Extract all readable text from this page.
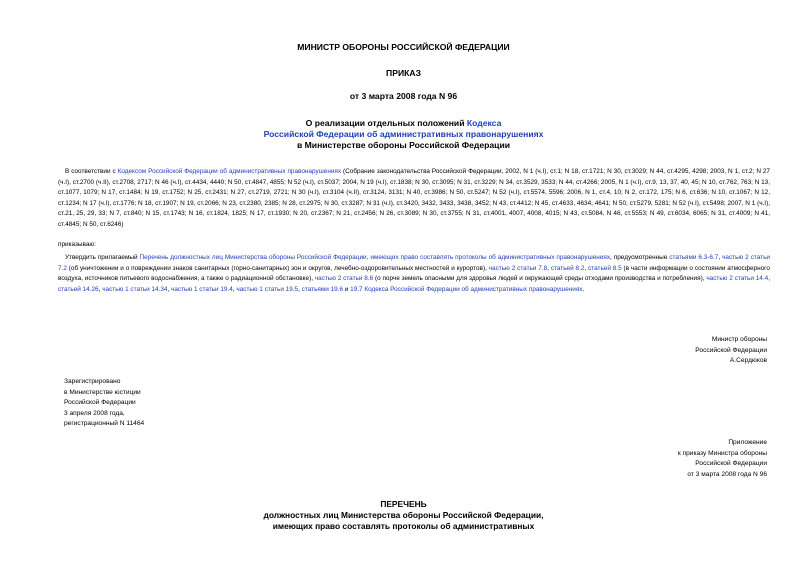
МИНИСТР ОБОРОНЫ РОССИЙСКОЙ ФЕДЕРАЦИИ
ПРИКАЗ
от 3 марта 2008 года N 96
О реализации отдельных положений Кодекса
Российской Федерации об административных правонарушениях
в Министерстве обороны Российской Федерации

В соответствии с Кодексом Российской Федерации об административных правонарушениях (Собрание законодательства Российской Федерации, 2002, N 1 (ч.I), ст.1; N 18, ст.1721; N 30, ст.3029; N 44, ст.4295, 4298; 2003, N 1, ст.2; N 27 (ч.I), ст.2700 (ч.II), ст.2708, 2717; N 46 (ч.I), ст.4434, 4440; N 50, ст.4847, 4855; N 52 (ч.I), ст.5037; 2004, N 19 (ч.I), ст.1838; N 30, ст.3095; N 31, ст.3229; N 34, ст.3529, 3533; N 44, ст.4266; 2005, N 1 (ч.I), ст.9, 13, 37, 40, 45; N 10, ст.762, 763; N 13, ст.1077, 1079; N 17, ст.1484; N 19, ст.1752; N 25, ст.2431; N 27, ст.2719, 2721; N 30 (ч.I), ст.3104 (ч.II), ст.3124, 3131; N 40, ст.3986; N 50, ст.5247; N 52 (ч.I), ст.5574, 5596; 2006, N 1, ст.4, 10; N 2, ст.172, 175; N 6, ст.636; N 10, ст.1067; N 12, ст.1234; N 17 (ч.I), ст.1776; N 18, ст.1907; N 19, ст.2066; N 23, ст.2380, 2385; N 28, ст.2975; N 30, ст.3287; N 31 (ч.I), ст.3420, 3432, 3433, 3438, 3452; N 43, ст.4412; N 45, ст.4633, 4634, 4641; N 50, ст.5279, 5281; N 52 (ч.I), ст.5498; 2007, N 1 (ч.I), ст.21, 25, 29, 33; N 7, ст.840; N 15, ст.1743; N 16, ст.1824, 1825; N 17, ст.1930; N 20, ст.2367; N 21, ст.2456; N 26, ст.3089; N 30, ст.3755; N 31, ст.4001, 4007, 4008, 4015; N 43, ст.5084, N 46, ст.5553; N 49, ст.6034, 6065; N 31, ст.4009; N 41, ст.4845; N 50, ст.6246)

приказываю:

Утвердить прилагаемый Перечень должностных лиц Министерства обороны Российской Федерации, имеющих право составлять протоколы об административных правонарушениях, предусмотренные статьями 6.3-6.7, частью 2 статьи 7.2 (об уничтожении и о повреждении знаков санитарных (горно-санитарных) зон и округов, лечебно-оздоровительных местностей и курортов), частью 2 статьи 7.8, статьей 8.2, статьей 8.5 (в части информации о состоянии атмосферного воздуха, источников питьевого водоснабжения, а также о радиационной обстановке), частью 2 статьи 8.6 (о порче земель опасными для здоровья людей и окружающей среды отходами производства и потребления), частью 2 статьи 14.4, статьей 14.26, частью 1 статьи 14.34, частью 1 статьи 19.4, частью 1 статьи 19.5, статьями 19.6 и 19.7 Кодекса Российской Федерации об административных правонарушениях.

Министр обороны
Российской Федерации
А.Сердюков
Зарегистрировано
в Министерстве юстиции
Российской Федерации
3 апреля 2008 года,
регистрационный N 11464
Приложение
к приказу Министра обороны
Российской Федерации
от 3 марта 2008 года N 96
ПЕРЕЧЕНЬ
должностных лиц Министерства обороны Российской Федерации,
имеющих право составлять протоколы об административных
